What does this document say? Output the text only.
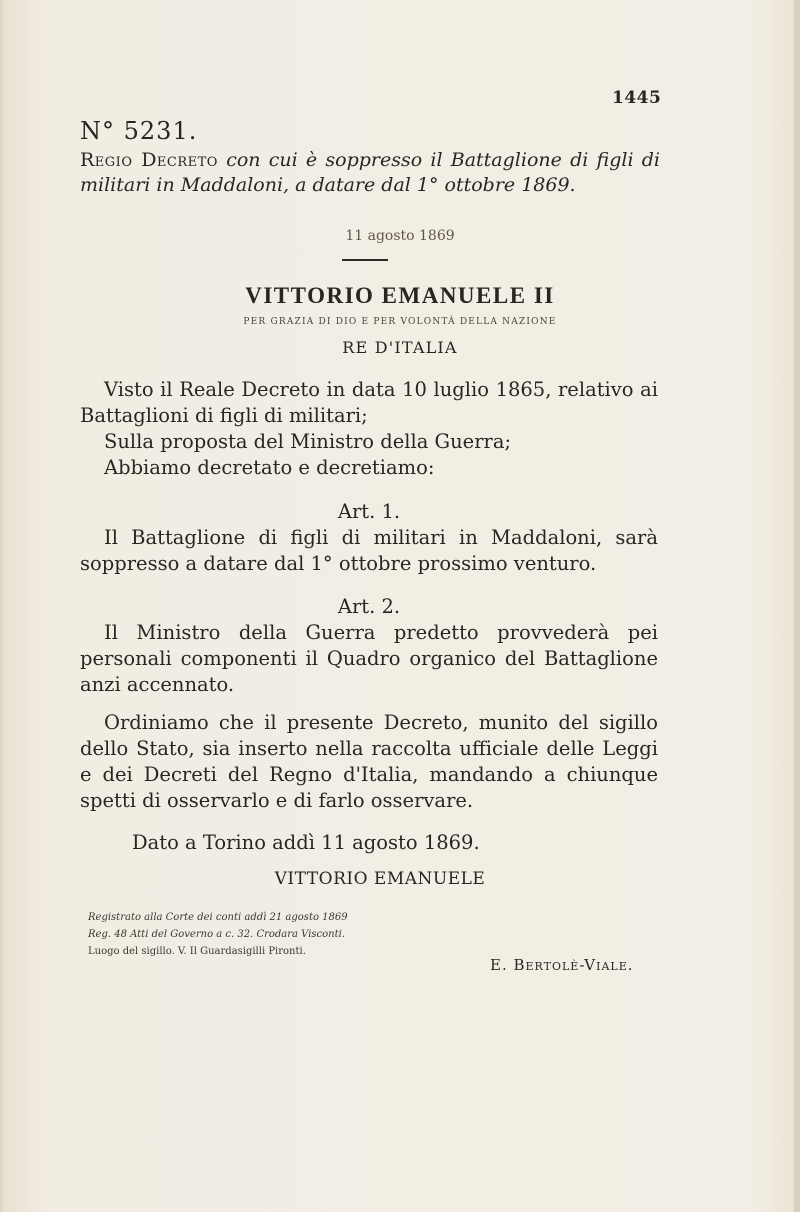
1445
N° 5231.
Regio Decreto con cui è soppresso il Battaglione di figli di militari in Maddaloni, a datare dal 1° ottobre 1869.
11 agosto 1869
VITTORIO EMANUELE II
PER GRAZIA DI DIO E PER VOLONTÀ DELLA NAZIONE
RE D'ITALIA
Visto il Reale Decreto in data 10 luglio 1865, relativo ai Battaglioni di figli di militari;
Sulla proposta del Ministro della Guerra;
Abbiamo decretato e decretiamo:
Art. 1.
Il Battaglione di figli di militari in Maddaloni, sarà soppresso a datare dal 1° ottobre prossimo venturo.
Art. 2.
Il Ministro della Guerra predetto provvederà pei personali componenti il Quadro organico del Battaglione anzi accennato.
Ordiniamo che il presente Decreto, munito del sigillo dello Stato, sia inserto nella raccolta ufficiale delle Leggi e dei Decreti del Regno d'Italia, mandando a chiunque spetti di osservarlo e di farlo osservare.
Dato a Torino addì 11 agosto 1869.
VITTORIO EMANUELE
Registrato alla Corte dei conti addì 21 agosto 1869
Reg. 48 Atti del Governo a c. 32. Crodara Visconti.
Luogo del sigillo. V. Il Guardasigilli Pironti.
E. Bertolè-Viale.
